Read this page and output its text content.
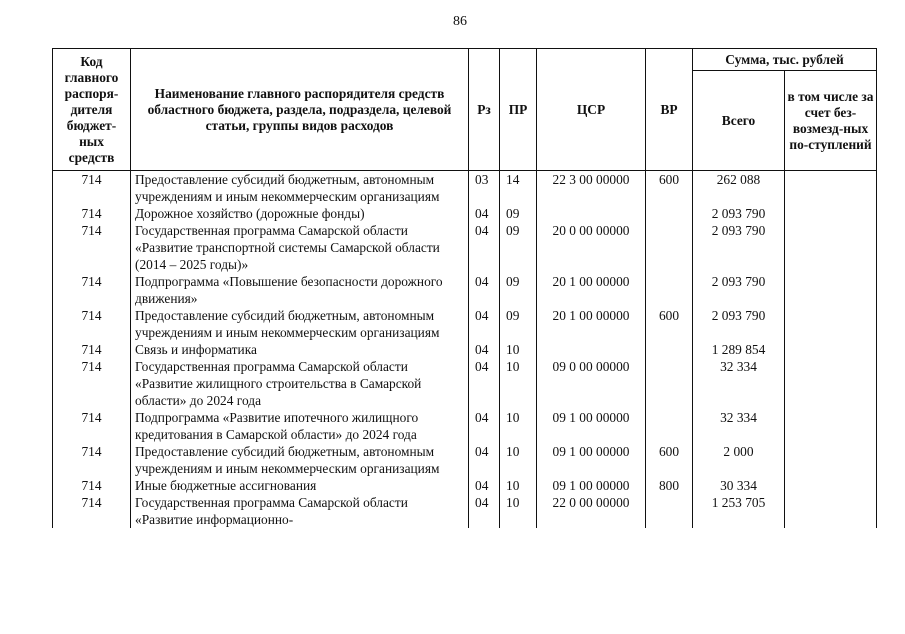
86
Код главного распоря-дителя бюджет-ных средств	Наименование главного распорядителя средств областного бюджета, раздела, подраздела, целевой статьи, группы видов расходов	Рз	ПР	ЦСР	ВР	Сумма, тыс. рублей	
						Всего	в том числе за счет без-возмезд-ных по-ступлений
714	Предоставление субсидий бюджетным, автономным учреждениям и иным некоммерческим организациям	03	14	22 3 00 00000	600	262 088	
714	Дорожное хозяйство (дорожные фонды)	04	09			2 093 790	
714	Государственная программа Самарской области «Развитие транспортной системы Самарской области (2014 – 2025 годы)»	04	09	20 0 00 00000		2 093 790	
714	Подпрограмма «Повышение безопасности дорожного движения»	04	09	20 1 00 00000		2 093 790	
714	Предоставление субсидий бюджетным, автономным учреждениям и иным некоммерческим организациям	04	09	20 1 00 00000	600	2 093 790	
714	Связь и информатика	04	10			1 289 854	
714	Государственная программа Самарской области «Развитие жилищного строительства в Самарской области» до 2024 года	04	10	09 0 00 00000		32 334	
714	Подпрограмма «Развитие ипотечного жилищного кредитования в Самарской области» до 2024 года	04	10	09 1 00 00000		32 334	
714	Предоставление субсидий бюджетным, автономным учреждениям и иным некоммерческим организациям	04	10	09 1 00 00000	600	2 000	
714	Иные бюджетные ассигнования	04	10	09 1 00 00000	800	30 334	
714	Государственная программа Самарской области «Развитие информационно-	04	10	22 0 00 00000		1 253 705	
